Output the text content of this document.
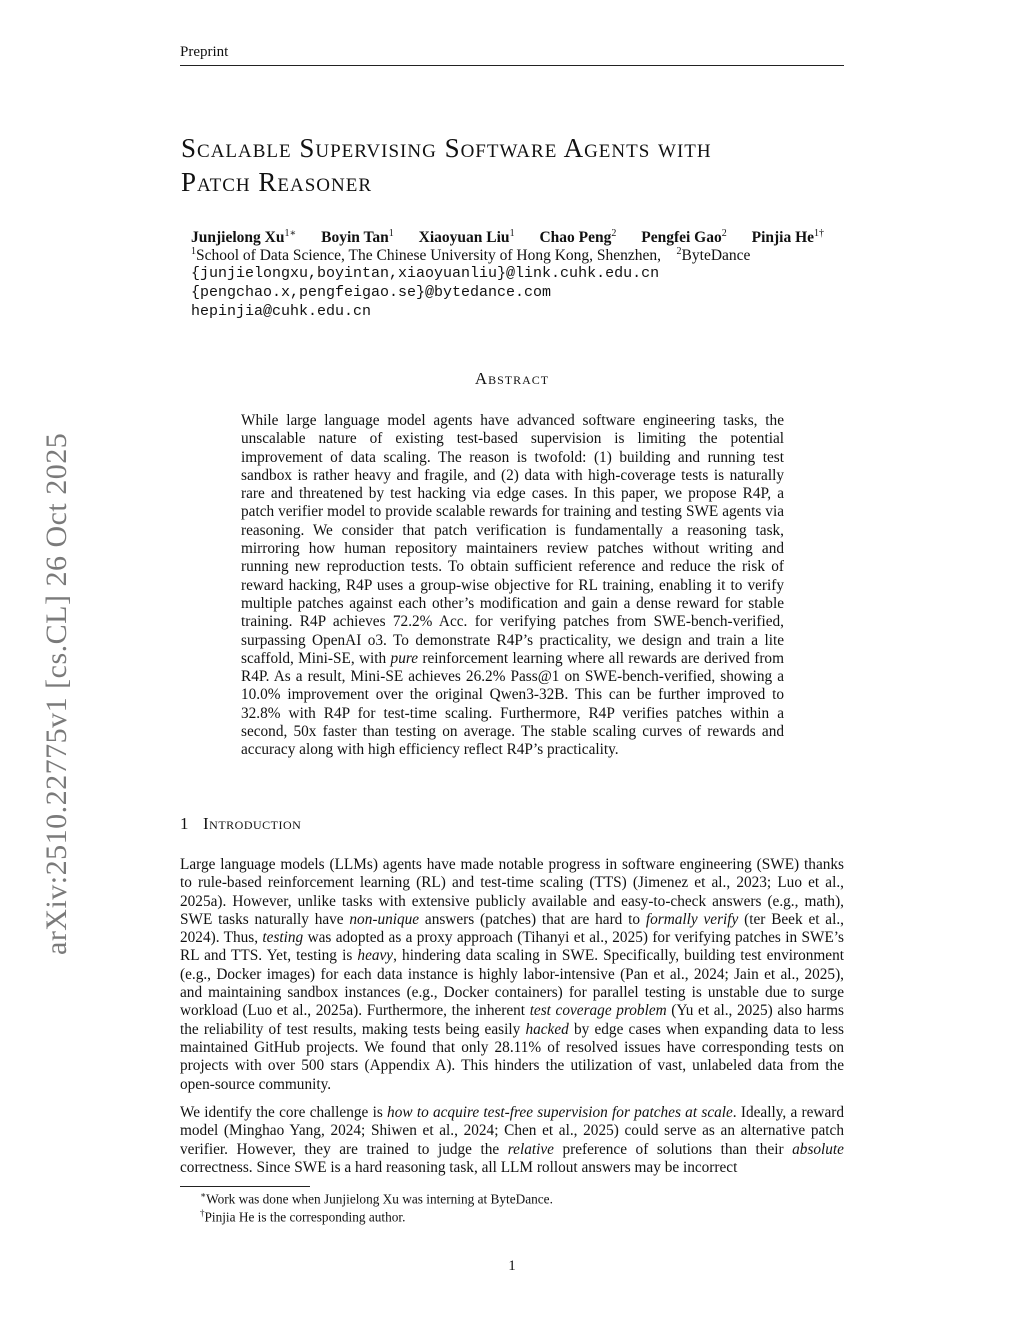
Preprint
arXiv:2510.22775v1 [cs.CL] 26 Oct 2025
Scalable Supervising Software Agents with
Patch Reasoner
Junjielong $Xu^{1∗}$ Boyin Tan$^1$ Xiaoyuan Liu$^1$ Chao Peng$^2$ Pengfei Gao$^2$ Pinjia $He^{1\dagger}$
$^1$School of Data Science, The Chinese University of Hong Kong, Shenzhen, $^2$ByteDance
{junjielongxu,boyintan,xiaoyuanliu}@link.cuhk.edu.cn
{pengchao.x,pengfeigao.se}@bytedance.com
hepinjia@cuhk.edu.cn
Abstract
While large language model agents have advanced software engineering tasks, the unscalable nature of existing test-based supervision is limiting the potential improvement of data scaling. The reason is twofold: (1) building and running test sandbox is rather heavy and fragile, and (2) data with high-coverage tests is naturally rare and threatened by test hacking via edge cases. In this paper, we propose R4P, a patch verifier model to provide scalable rewards for training and testing SWE agents via reasoning. We consider that patch verification is fundamentally a reasoning task, mirroring how human repository maintainers review patches without writing and running new reproduction tests. To obtain sufficient reference and reduce the risk of reward hacking, R4P uses a group-wise objective for RL training, enabling it to verify multiple patches against each other’s modification and gain a dense reward for stable training. R4P achieves 72.2% Acc. for verifying patches from SWE-bench-verified, surpassing OpenAI o3. To demonstrate R4P’s practicality, we design and train a lite scaffold, Mini-SE, with pure reinforcement learning where all rewards are derived from R4P. As a result, Mini-SE achieves 26.2% Pass@1 on SWE-bench-verified, showing a 10.0% improvement over the original Qwen3-32B. This can be further improved to 32.8% with R4P for test-time scaling. Furthermore, R4P verifies patches within a second, 50x faster than testing on average. The stable scaling curves of rewards and accuracy along with high efficiency reflect R4P’s practicality.
1 Introduction
Large language models (LLMs) agents have made notable progress in software engineering (SWE) thanks to rule-based reinforcement learning (RL) and test-time scaling (TTS) (Jimenez et al., 2023; Luo et al., 2025a). However, unlike tasks with extensive publicly available and easy-to-check answers (e.g., math), SWE tasks naturally have non-unique answers (patches) that are hard to formally verify (ter Beek et al., 2024). Thus, testing was adopted as a proxy approach (Tihanyi et al., 2025) for verifying patches in SWE’s RL and TTS. Yet, testing is heavy, hindering data scaling in SWE. Specifically, building test environment (e.g., Docker images) for each data instance is highly labor-intensive (Pan et al., 2024; Jain et al., 2025), and maintaining sandbox instances (e.g., Docker containers) for parallel testing is unstable due to surge workload (Luo et al., 2025a). Furthermore, the inherent test coverage problem (Yu et al., 2025) also harms the reliability of test results, making tests being easily hacked by edge cases when expanding data to less maintained GitHub projects. We found that only 28.11% of resolved issues have corresponding tests on projects with over 500 stars (Appendix A). This hinders the utilization of vast, unlabeled data from the open-source community.
We identify the core challenge is how to acquire test-free supervision for patches at scale. Ideally, a reward model (Minghao Yang, 2024; Shiwen et al., 2024; Chen et al., 2025) could serve as an alternative patch verifier. However, they are trained to judge the relative preference of solutions than their absolute correctness. Since SWE is a hard reasoning task, all LLM rollout answers may be incorrect
∗Work was done when Junjielong Xu was interning at ByteDance.
†Pinjia He is the corresponding author.
1
